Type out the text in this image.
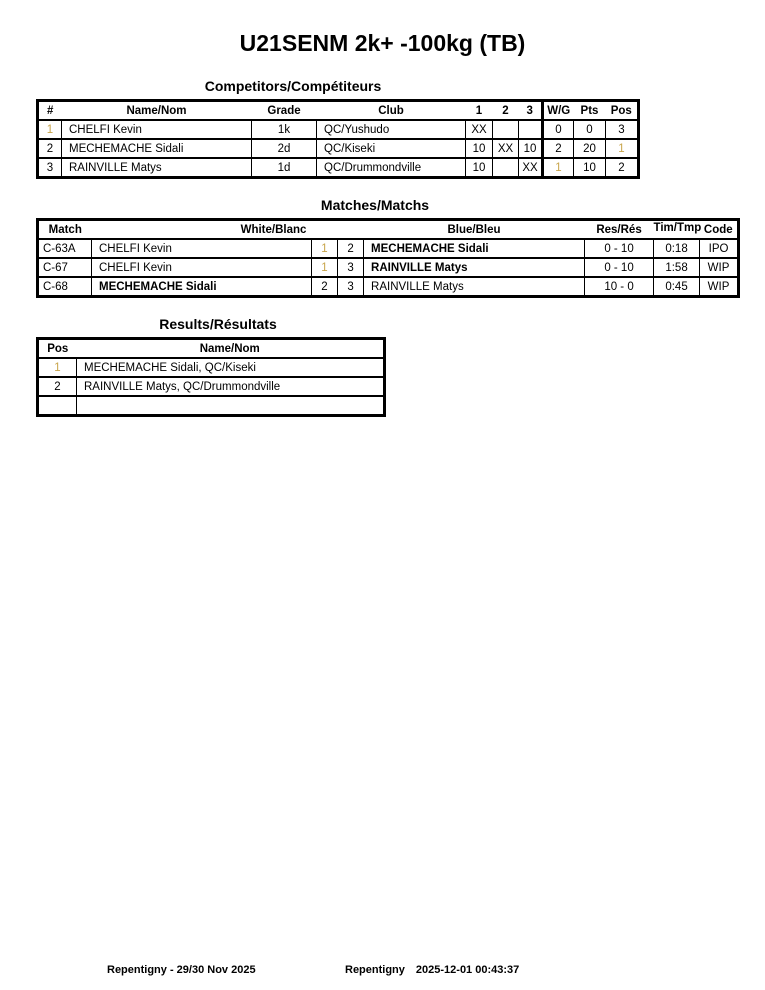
U21SENM 2k+ -100kg (TB)
Competitors/Compétiteurs
#	Name/Nom	Grade	Club	1	2	3	W/G	Pts	Pos
1	CHELFI Kevin	1k	QC/Yushudo	XX			0	0	3
2	MECHEMACHE Sidali	2d	QC/Kiseki	10	XX	10	2	20	1
3	RAINVILLE Matys	1d	QC/Drummondville	10		XX	1	10	2
Matches/Matchs
Match	White/Blanc			Blue/Bleu	Res/Rés	Tim/Tmp	Code
C-63A	CHELFI Kevin	1	2	MECHEMACHE Sidali	0 - 10	0:18	IPO
C-67	CHELFI Kevin	1	3	RAINVILLE Matys	0 - 10	1:58	WIP
C-68	MECHEMACHE Sidali	2	3	RAINVILLE Matys	10 - 0	0:45	WIP
Results/Résultats
Pos	Name/Nom
1	MECHEMACHE Sidali, QC/Kiseki
2	RAINVILLE Matys, QC/Drummondville

Repentigny - 29/30 Nov 2025	Repentigny 2025-12-01 00:43:37
